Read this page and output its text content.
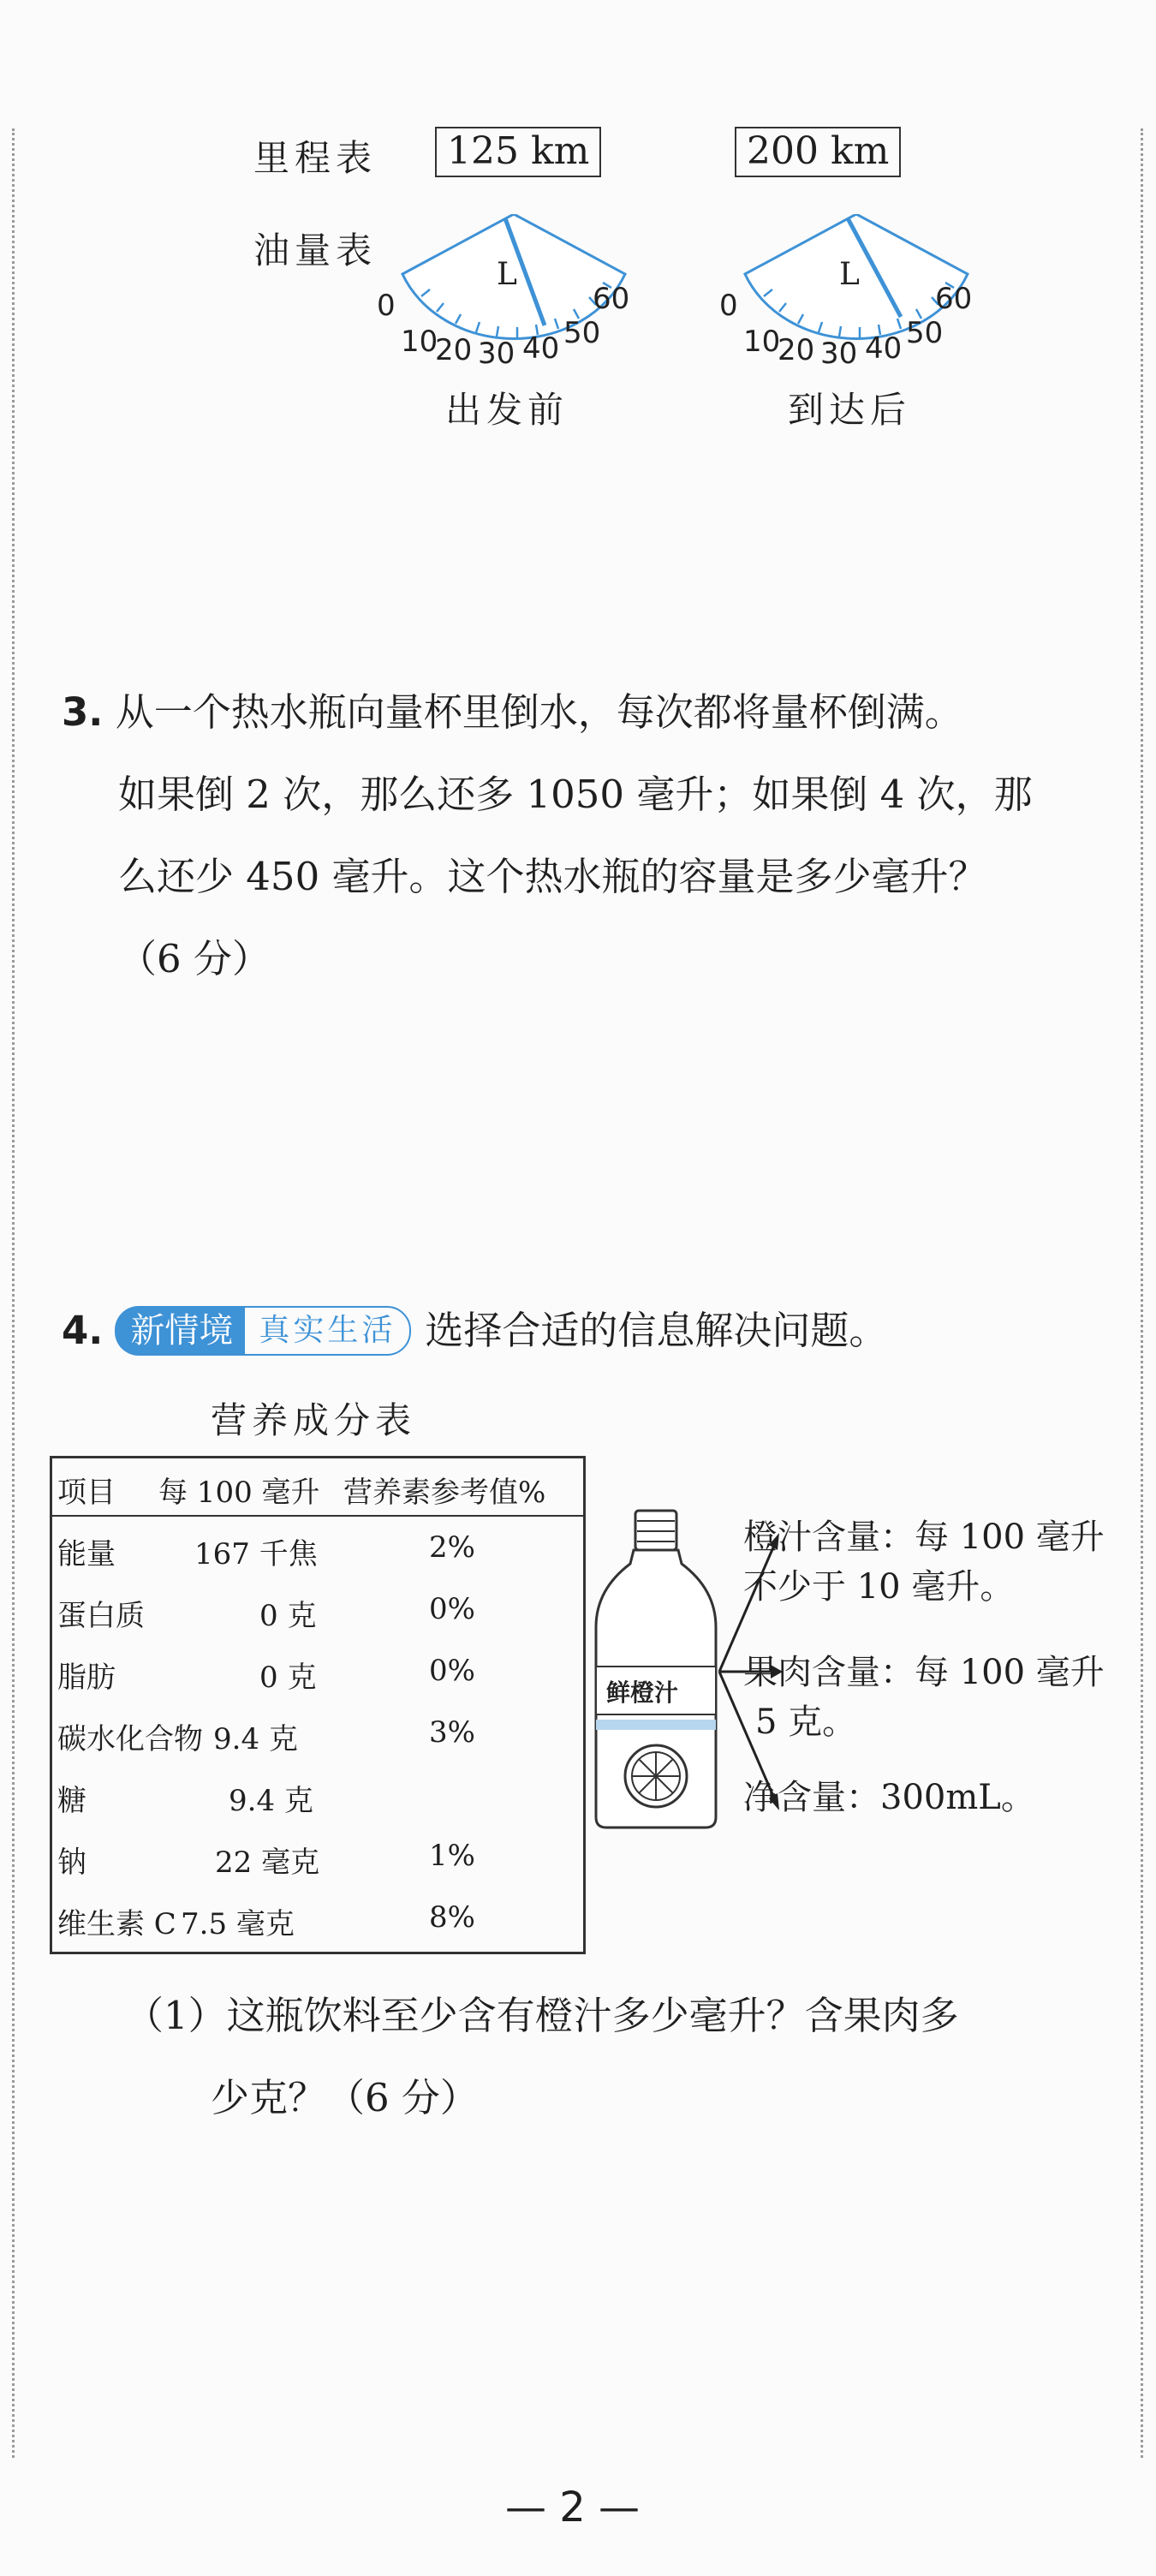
里程表	125 km	200 km
油量表
L
0
10
20 30 40 50
60
L
0
10
20 30 40 50
60
出发前	到达后
3. 从一个热水瓶向量杯里倒水，每次都将量杯倒满。
如果倒 2 次，那么还多 1050 毫升；如果倒 4 次，那
么还少 450 毫升。这个热水瓶的容量是多少毫升？
（6 分）
4. 新情境 真实生活 选择合适的信息解决问题。
营养成分表
项目 每 100 毫升 营养素参考值%
能量	167 千焦	2%
蛋白质	0 克	0%
脂肪	0 克	0%
碳水化合物 9.4 克	3%
糖	9.4 克
钠	22 毫克	1%
维生素 C 7.5 毫克	8%
鲜橙汁
橙汁含量：每 100 毫升
不少于 10 毫升。
果肉含量：每 100 毫升
5 克。
净含量：300mL。
（1）这瓶饮料至少含有橙汁多少毫升？含果肉多
少克？（6 分）
— 2 —
